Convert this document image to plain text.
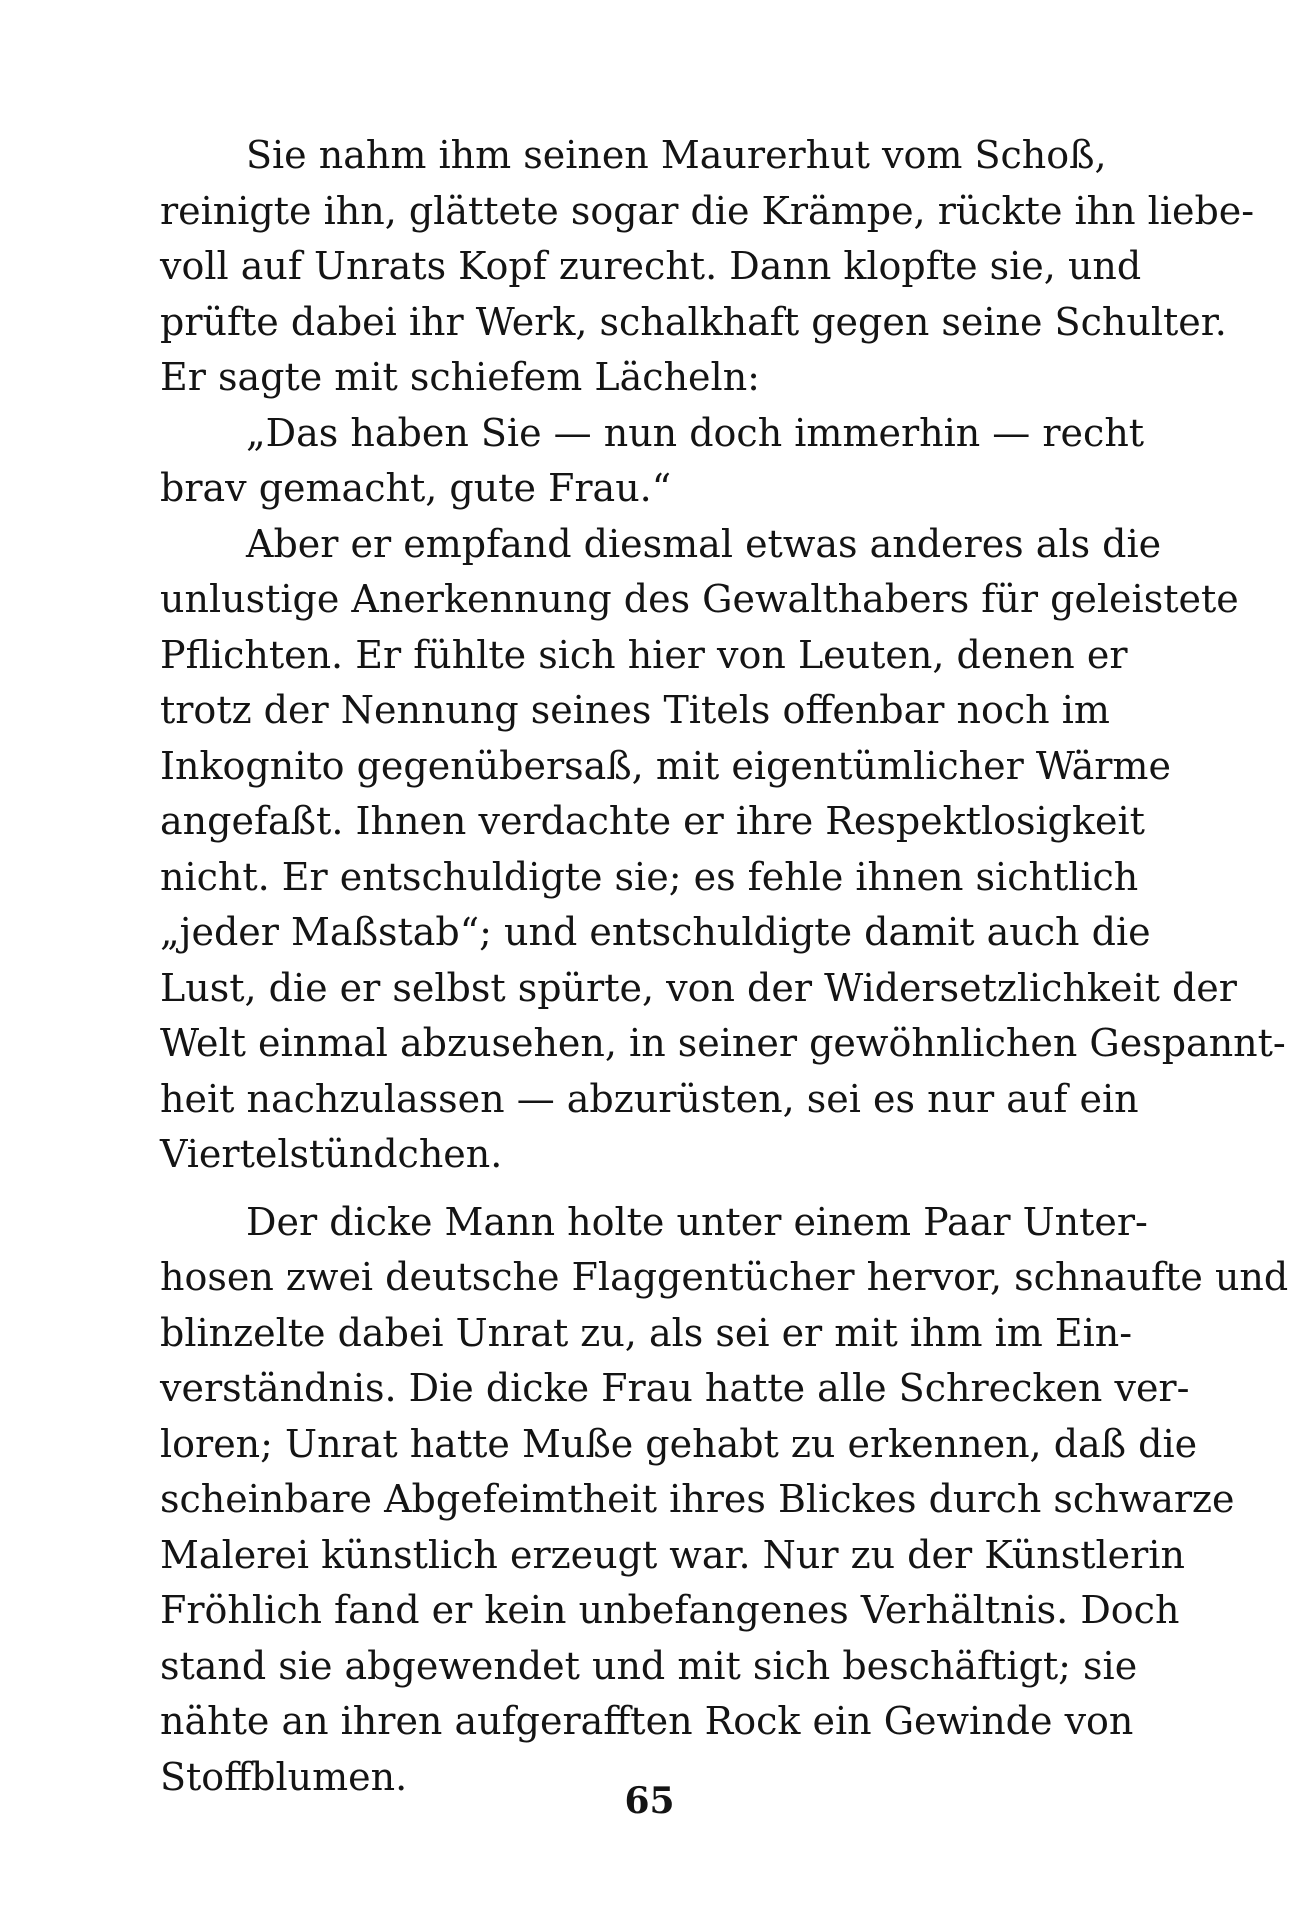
Sie nahm ihm seinen Maurerhut vom Schoß,
reinigte ihn, glättete sogar die Krämpe, rückte ihn liebe-
voll auf Unrats Kopf zurecht. Dann klopfte sie, und
prüfte dabei ihr Werk, schalkhaft gegen seine Schulter.
Er sagte mit schiefem Lächeln:
„Das haben Sie — nun doch immerhin — recht
brav gemacht, gute Frau.“
Aber er empfand diesmal etwas anderes als die
unlustige Anerkennung des Gewalthabers für geleistete
Pflichten. Er fühlte sich hier von Leuten, denen er
trotz der Nennung seines Titels offenbar noch im
Inkognito gegenübersaß, mit eigentümlicher Wärme
angefaßt. Ihnen verdachte er ihre Respektlosigkeit
nicht. Er entschuldigte sie; es fehle ihnen sichtlich
„jeder Maßstab“; und entschuldigte damit auch die
Lust, die er selbst spürte, von der Widersetzlichkeit der
Welt einmal abzusehen, in seiner gewöhnlichen Gespannt-
heit nachzulassen — abzurüsten, sei es nur auf ein
Viertelstündchen.
Der dicke Mann holte unter einem Paar Unter-
hosen zwei deutsche Flaggentücher hervor, schnaufte und
blinzelte dabei Unrat zu, als sei er mit ihm im Ein-
verständnis. Die dicke Frau hatte alle Schrecken ver-
loren; Unrat hatte Muße gehabt zu erkennen, daß die
scheinbare Abgefeimtheit ihres Blickes durch schwarze
Malerei künstlich erzeugt war. Nur zu der Künstlerin
Fröhlich fand er kein unbefangenes Verhältnis. Doch
stand sie abgewendet und mit sich beschäftigt; sie
nähte an ihren aufgerafften Rock ein Gewinde von
Stoffblumen.
65
